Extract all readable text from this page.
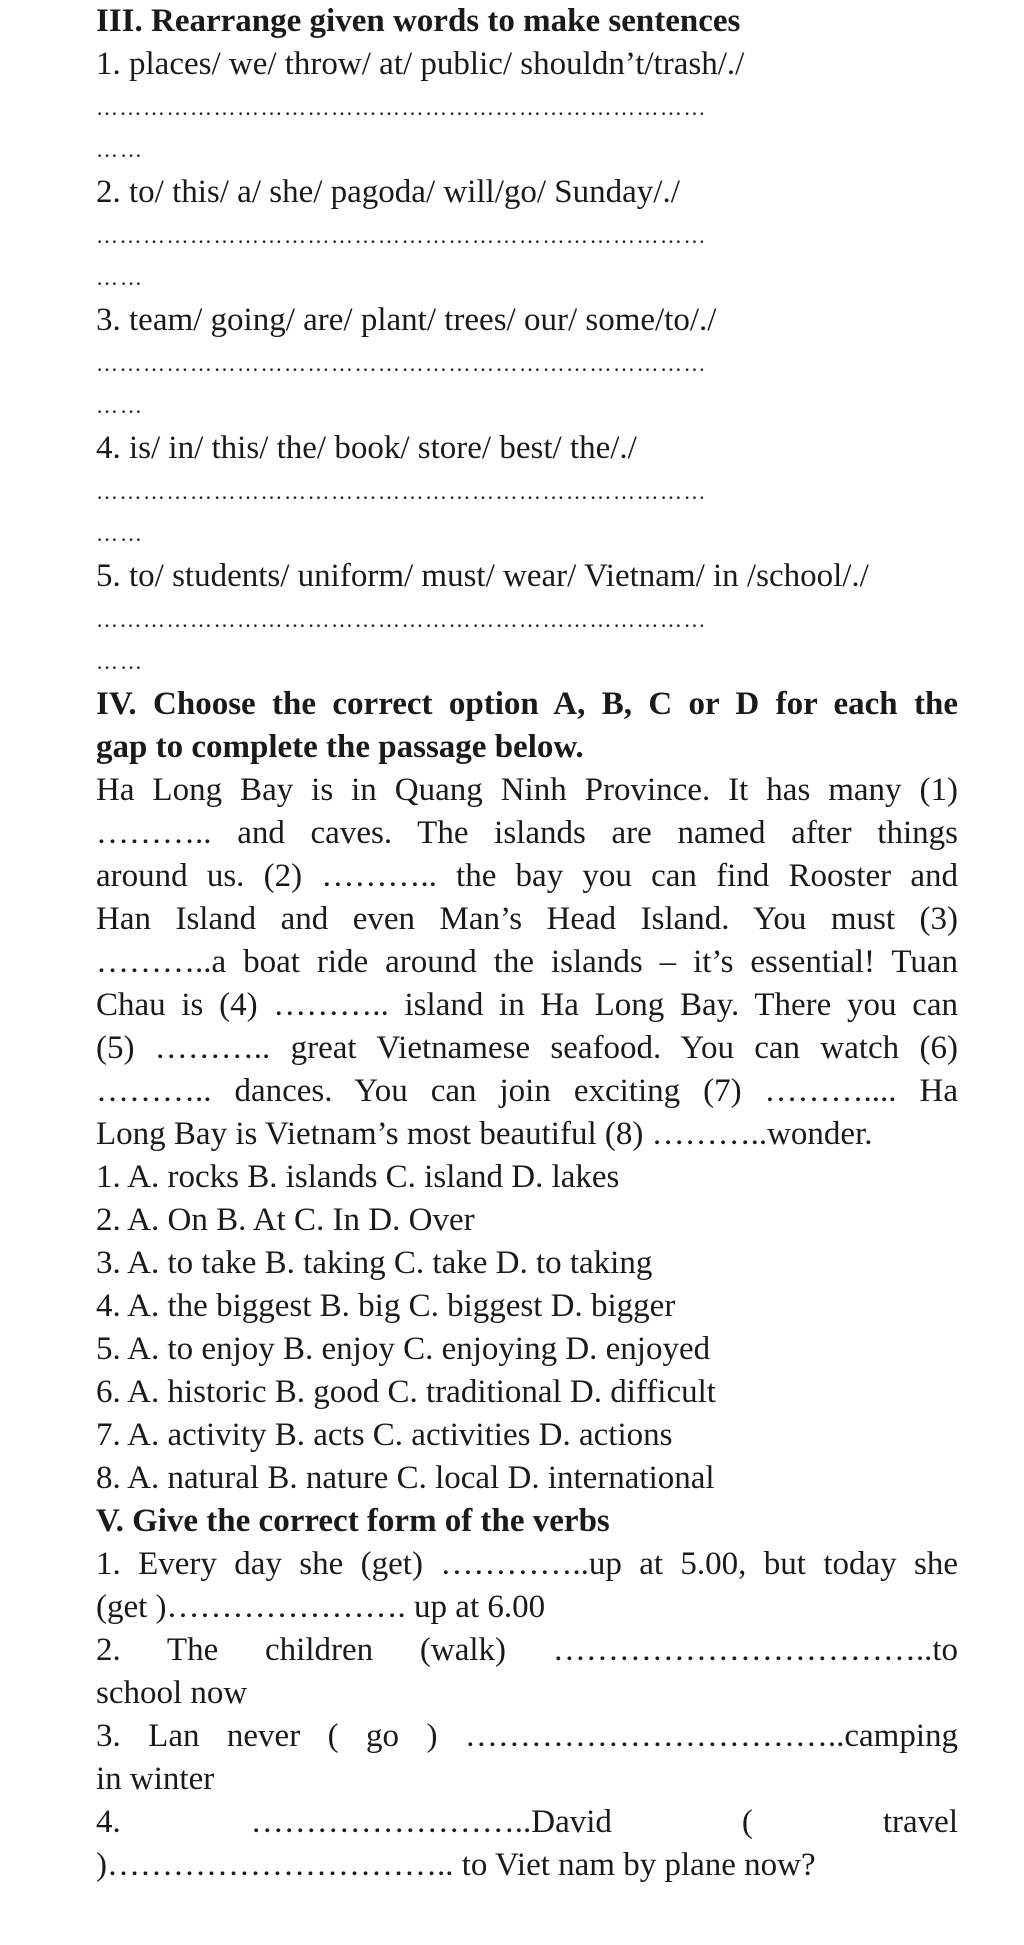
III. Rearrange given words to make sentences

1. places/ we/ throw/ at/ public/ shouldn’t/trash/./

……………………………………………………………………

……

2. to/ this/ a/ she/ pagoda/ will/go/ Sunday/./

……………………………………………………………………

……

3. team/ going/ are/ plant/ trees/ our/ some/to/./

……………………………………………………………………

……

4. is/ in/ this/ the/ book/ store/ best/ the/./

……………………………………………………………………

……

5. to/ students/ uniform/ must/ wear/ Vietnam/ in /school/./

……………………………………………………………………

……

IV. Choose the correct option A, B, C or D for each the

gap to complete the passage below.

Ha Long Bay is in Quang Ninh Province. It has many (1)

……….. and caves. The islands are named after things

around us. (2) ……….. the bay you can find Rooster and

Han Island and even Man’s Head Island. You must (3)

………..a boat ride around the islands – it’s essential! Tuan

Chau is (4) ……….. island in Ha Long Bay. There you can

(5) ……….. great Vietnamese seafood. You can watch (6)

……….. dances. You can join exciting (7) ……….... Ha

Long Bay is Vietnam’s most beautiful (8) ………..wonder.

1. A. rocks B. islands C. island D. lakes

2. A. On B. At C. In D. Over

3. A. to take B. taking C. take D. to taking

4. A. the biggest B. big C. biggest D. bigger

5. A. to enjoy B. enjoy C. enjoying D. enjoyed

6. A. historic B. good C. traditional D. difficult

7. A. activity B. acts C. activities D. actions

8. A. natural B. nature C. local D. international

V. Give the correct form of the verbs

1. Every day she (get) …………..up at 5.00, but today she

(get )…………………. up at 6.00

2. The children (walk) ……………………………..to

school now

3. Lan never ( go ) ……………………………..camping

in winter

4. ……………………..David ( travel

)………………………….. to Viet nam by plane now?
